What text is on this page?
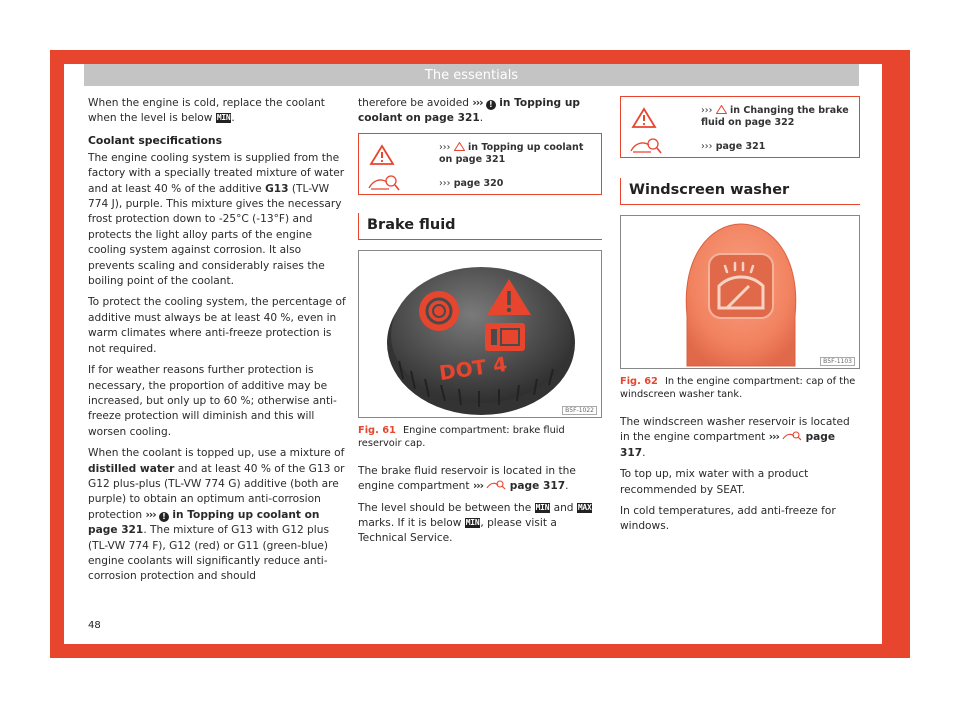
The essentials

When the engine is cold, replace the coolant when the level is below MIN.

Coolant specifications

The engine cooling system is supplied from the factory with a specially treated mixture of water and at least 40 % of the additive G13 (TL-VW 774 J), purple. This mixture gives the necessary frost protection down to -25°C (-13°F) and protects the light alloy parts of the engine cooling system against corrosion. It also prevents scaling and considerably raises the boiling point of the coolant.

To protect the cooling system, the percentage of additive must always be at least 40 %, even in warm climates where anti-freeze protection is not required.

If for weather reasons further protection is necessary, the proportion of additive may be increased, but only up to 60 %; otherwise anti-freeze protection will diminish and this will worsen cooling.

When the coolant is topped up, use a mixture of distilled water and at least 40 % of the G13 or G12 plus-plus (TL-VW 774 G) additive (both are purple) to obtain an optimum anti-corrosion protection ››› ! in Topping up coolant on page 321. The mixture of G13 with G12 plus (TL-VW 774 F), G12 (red) or G11 (green-blue) engine coolants will significantly reduce anti-corrosion protection and should

therefore be avoided ››› ! in Topping up coolant on page 321.

››› in Topping up coolant on page 321
››› page 320
Brake fluid
DOT 4
B5F-1022
Fig. 61 Engine compartment: brake fluid reservoir cap.

The brake fluid reservoir is located in the engine compartment ›››	page 317.

The level should be between the MIN and MAX marks. If it is below MIN, please visit a Technical Service.

››› in Changing the brake fluid on page 322
››› page 321
Windscreen washer
B5F-1103
Fig. 62 In the engine compartment: cap of the windscreen washer tank.

The windscreen washer reservoir is located in the engine compartment ›››	page 317.

To top up, mix water with a product recommended by SEAT.

In cold temperatures, add anti-freeze for windows.

48
